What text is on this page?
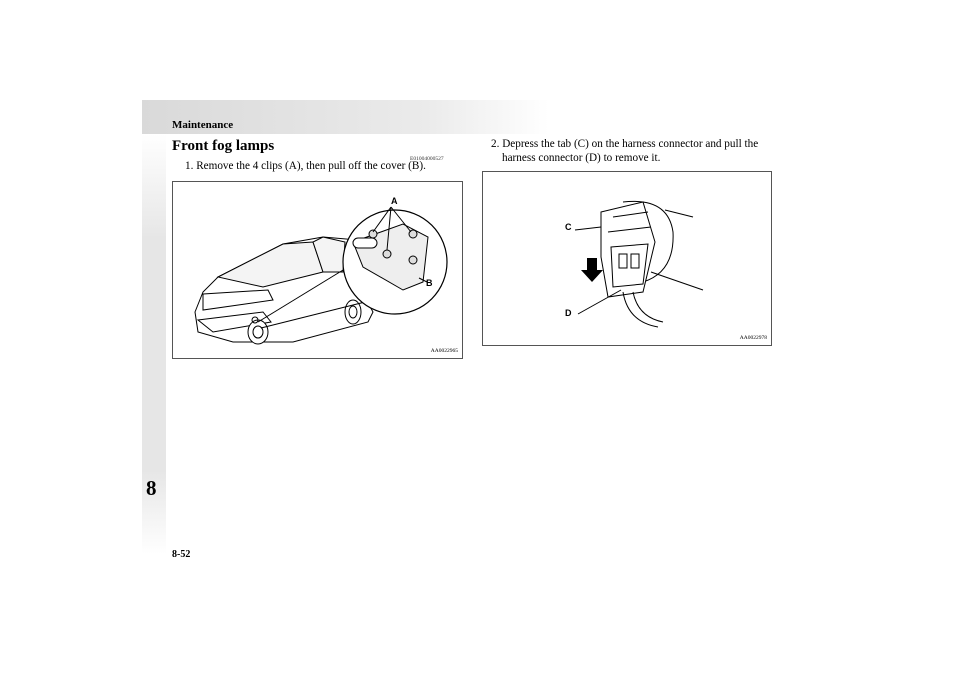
Maintenance
8
8-52
Front fog lamps
E01004000527
1. Remove the 4 clips (A), then pull off the cover (B).
2. Depress the tab (C) on the harness connector and pull the harness connector (D) to remove it.
A
B
AA0022965
C
D
AA0022978
